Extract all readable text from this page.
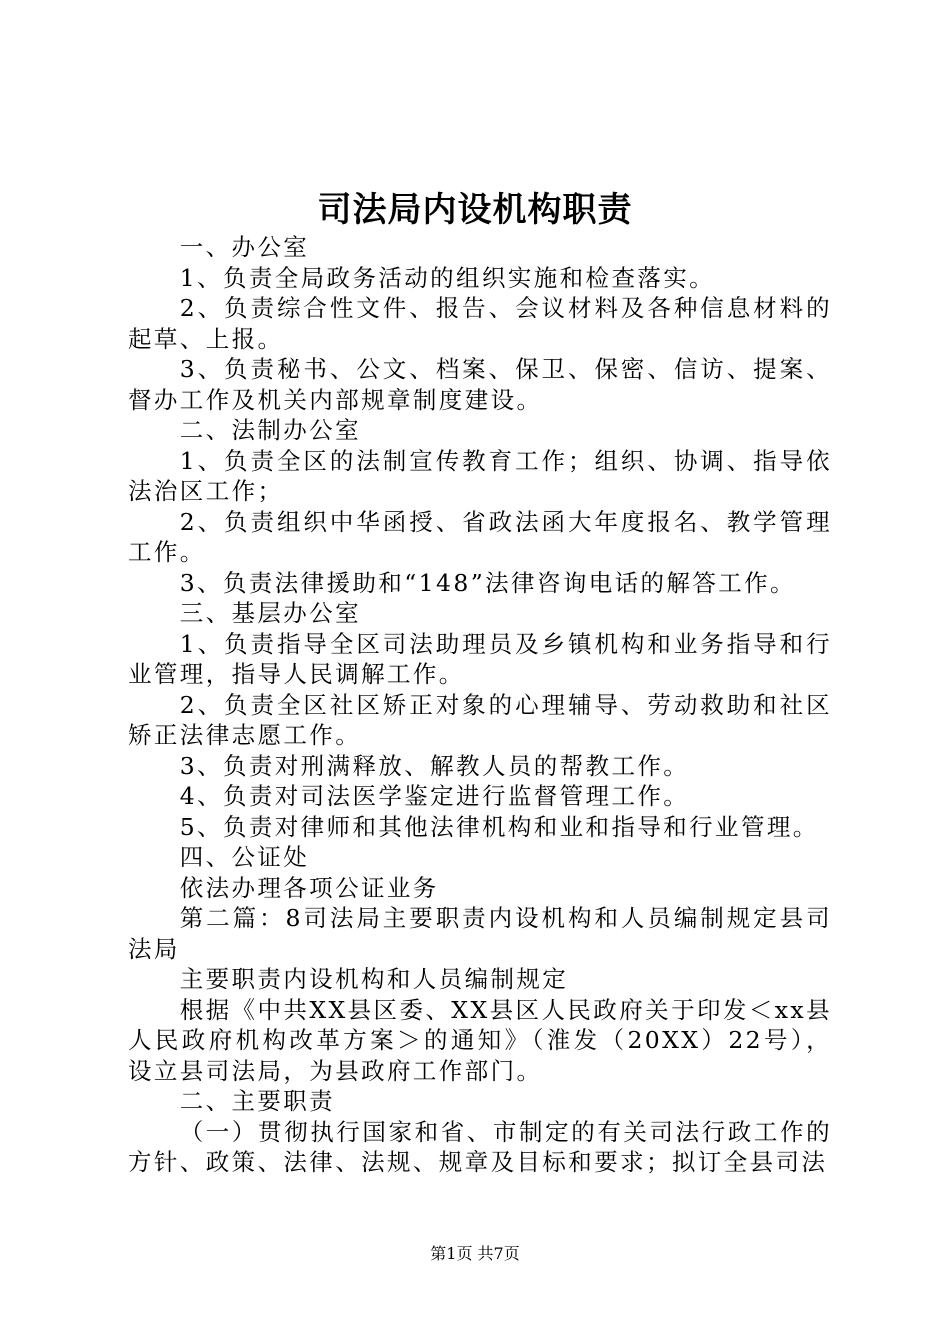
司法局内设机构职责

一、办公室

1、负责全局政务活动的组织实施和检查落实。

2、负责综合性文件、报告、会议材料及各种信息材料的起草、上报。

3、负责秘书、公文、档案、保卫、保密、信访、提案、督办工作及机关内部规章制度建设。

二、法制办公室

1、负责全区的法制宣传教育工作；组织、协调、指导依法治区工作；

2、负责组织中华函授、省政法函大年度报名、教学管理工作。

3、负责法律援助和“148”法律咨询电话的解答工作。

三、基层办公室

1、负责指导全区司法助理员及乡镇机构和业务指导和行业管理，指导人民调解工作。

2、负责全区社区矫正对象的心理辅导、劳动救助和社区矫正法律志愿工作。

3、负责对刑满释放、解教人员的帮教工作。

4、负责对司法医学鉴定进行监督管理工作。

5、负责对律师和其他法律机构和业和指导和行业管理。

四、公证处

依法办理各项公证业务

第二篇：8司法局主要职责内设机构和人员编制规定县司法局

主要职责内设机构和人员编制规定

根据《中共XX县区委、XX县区人民政府关于印发＜xx县人民政府机构改革方案＞的通知》（淮发（20XX）22号），设立县司法局，为县政府工作部门。

二、主要职责

（一）贯彻执行国家和省、市制定的有关司法行政工作的方针、政策、法律、法规、规章及目标和要求；拟订全县司法

第1页 共7页
